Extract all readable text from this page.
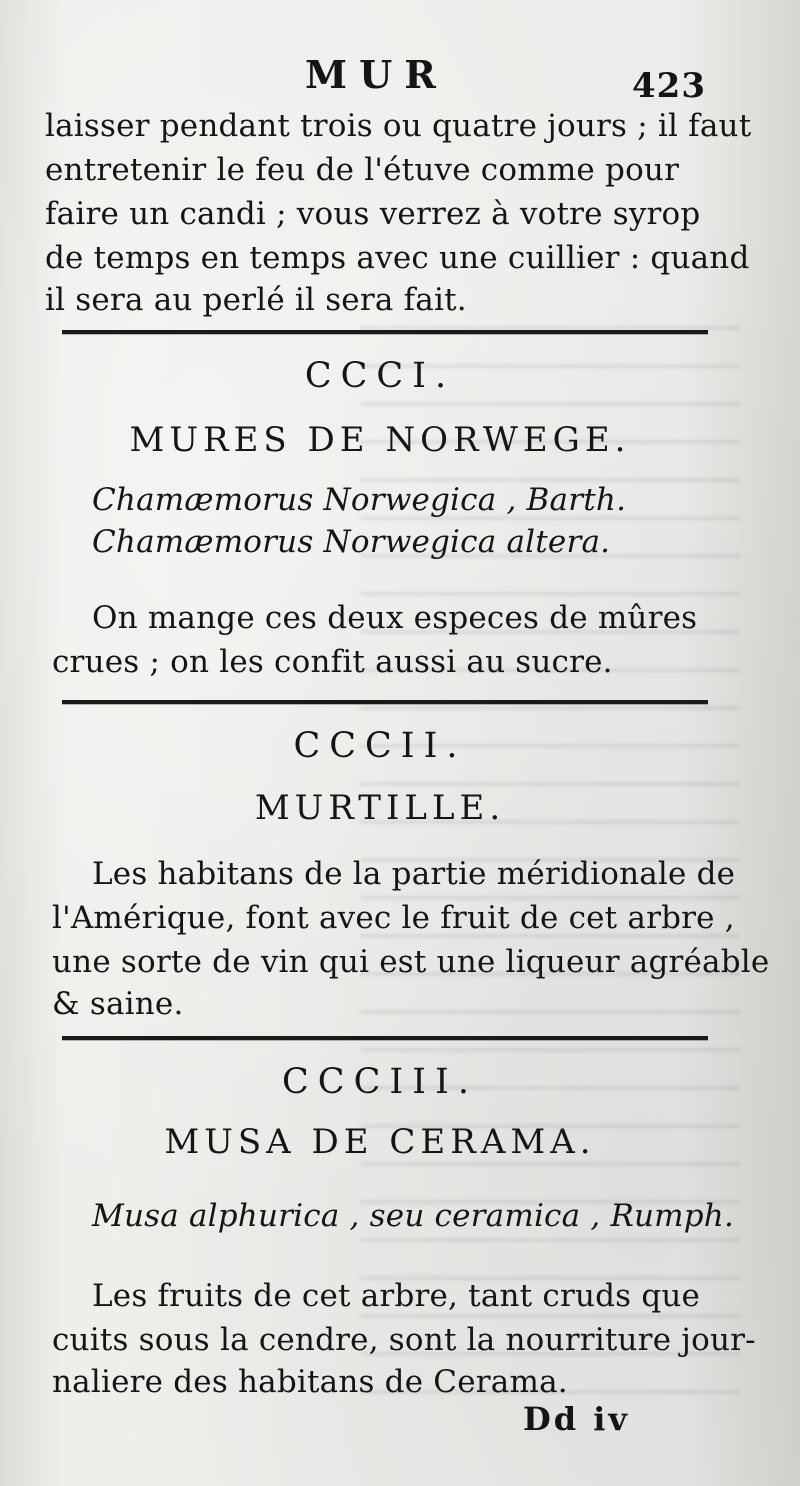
MUR	423
laisser pendant trois ou quatre jours ; il faut
entretenir le feu de l'étuve comme pour
faire un candi ; vous verrez à votre syrop
de temps en temps avec une cuillier : quand
il sera au perlé il sera fait.
CCCI.
MURES DE NORWEGE.
Chamæmorus Norwegica , Barth.
Chamæmorus Norwegica altera.
On mange ces deux especes de mûres
crues ; on les confit aussi au sucre.
CCCII.
MURTILLE.
Les habitans de la partie méridionale de
l'Amérique, font avec le fruit de cet arbre ,
une sorte de vin qui est une liqueur agréable
& saine.
CCCIII.
MUSA DE CERAMA.
Musa alphurica , seu ceramica , Rumph.
Les fruits de cet arbre, tant cruds que
cuits sous la cendre, sont la nourriture jour-
naliere des habitans de Cerama.
Dd iv
